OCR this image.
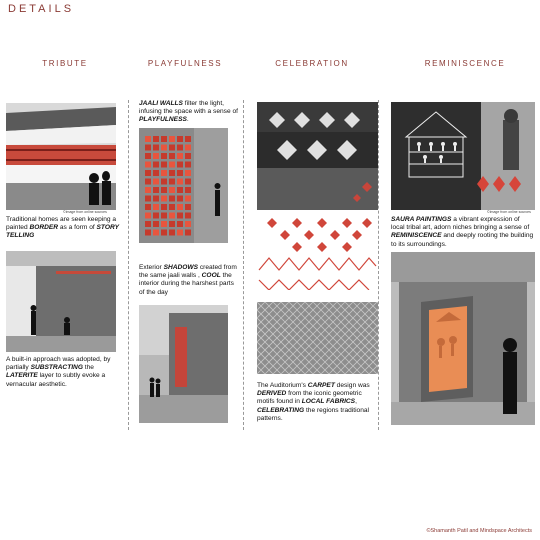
DETAILS
TRIBUTE	PLAYFULNESS	CELEBRATION	REMINISCENCE
©Image from online sources
Traditional homes are seen keeping a painted BORDER as a form of STORY TELLING
A built-in approach was adopted, by partially SUBSTRACTING the LATERITE layer to subtly evoke a vernacular aesthetic.
JAALI WALLS filter the light, infusing the space with a sense of PLAYFULNESS.
Exterior SHADOWS created from the same jaali walls , COOL the interior during the harshest parts of the day
The Auditorium's CARPET design was DERIVED from the iconic geometric motifs found in LOCAL FABRICS, CELEBRATING the regions traditional patterns.
©Image from online sources
SAURA PAINTINGS a vibrant expression of local tribal art, adorn niches bringing a sense of REMINISCENCE and deeply rooting the building to its surroundings.
©Shamanth Patil and Mindspace Architects
